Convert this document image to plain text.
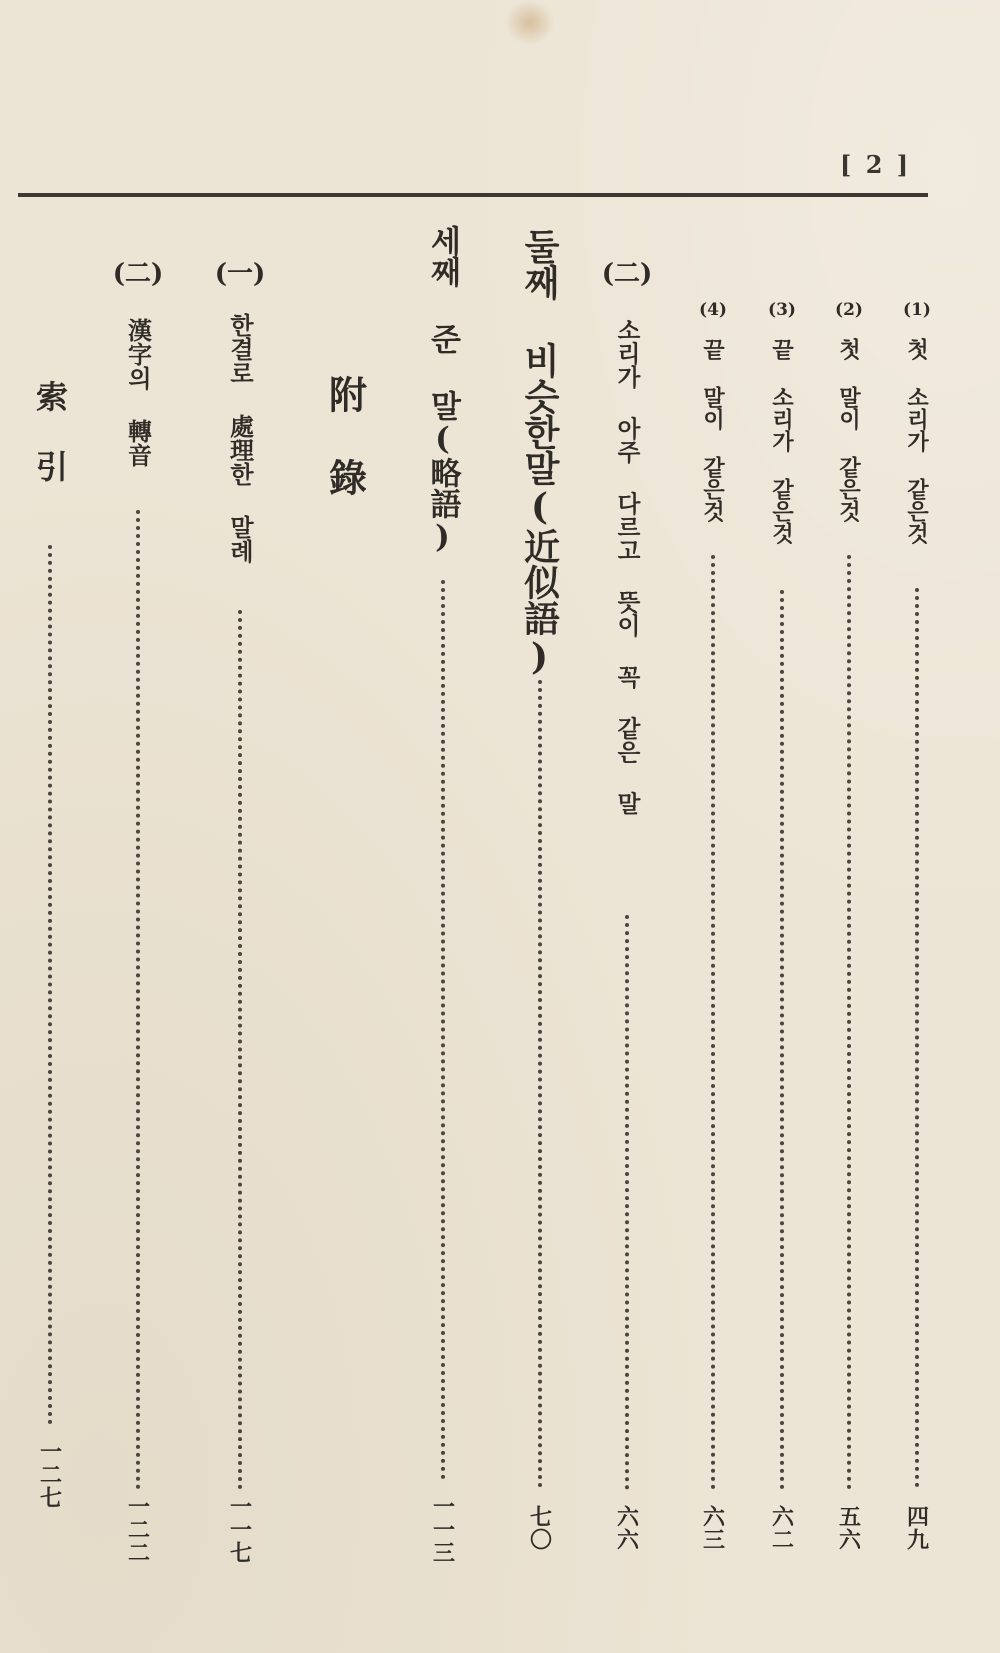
[ 2 ]
(1)
첫 소리가 같은것
四九
(2)
첫 말이 같은것
五六
(3)
끝 소리가 같은것
六二
(4)
끝 말이 같은것
六三
(二)
소리가 아주 다르고 뜻이 꼭 같은 말
六六
둘째 비슷한말(近似語)
七〇
세째 준 말(略語)
一一三
附 錄
(一)
한결로 處理한 말례
一一七
(二)
漢字의 轉音
一二二
索 引
一二七
